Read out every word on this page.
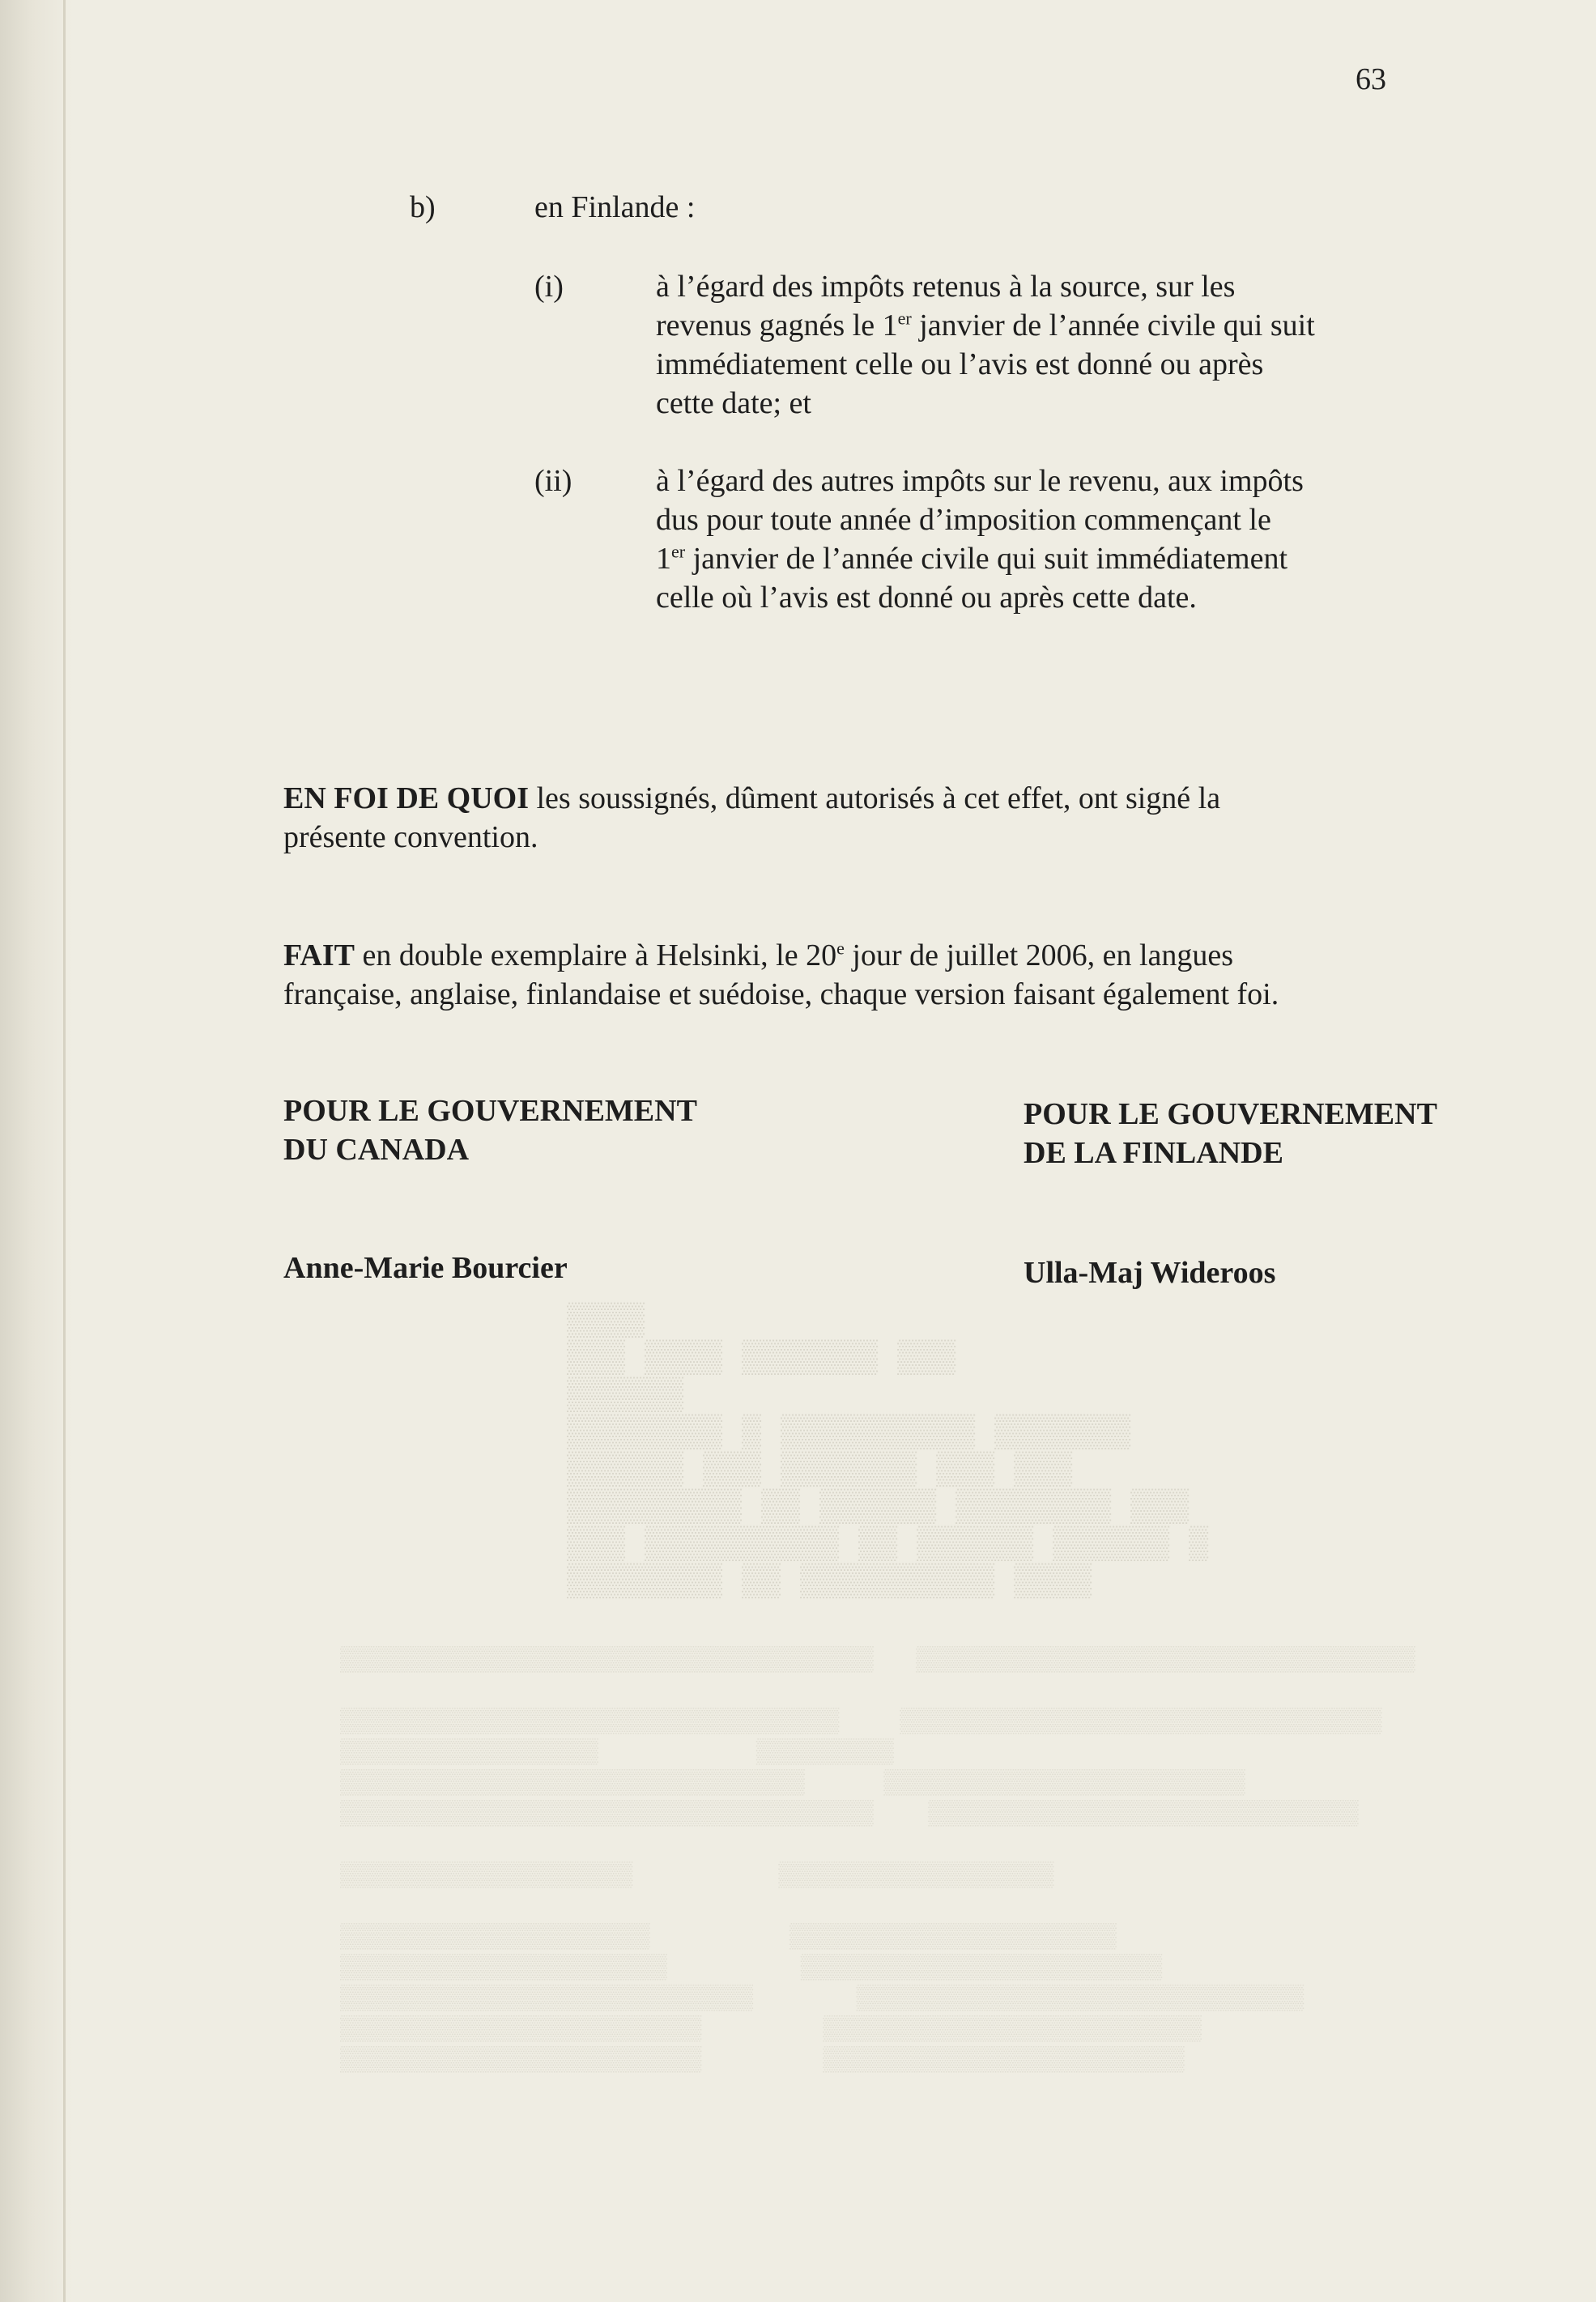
▒▒▒▒
▒▒▒ ▒▒▒▒ ▒▒▒▒▒▒▒ ▒▒▒
▒▒▒▒▒▒
▒▒▒▒▒▒▒▒ ▒ ▒▒▒▒▒▒▒▒▒▒ ▒▒▒▒▒▒▒
▒▒▒▒▒▒ ▒▒▒ ▒▒▒▒▒▒▒ ▒▒▒ ▒▒▒
▒▒▒▒▒▒▒▒▒ ▒▒ ▒▒▒▒▒▒ ▒▒▒▒▒▒▒▒ ▒▒▒
▒▒▒ ▒▒▒▒▒▒▒▒▒▒ ▒▒ ▒▒▒▒▒▒ ▒▒▒▒▒▒ ▒
▒▒▒▒▒▒▒▒ ▒▒ ▒▒▒▒▒▒▒▒▒▒ ▒▒▒▒
▒▒▒▒▒▒▒▒▒▒▒▒▒▒▒▒▒▒▒▒▒▒▒▒▒▒▒▒▒▒▒       ▒▒▒▒▒▒▒▒▒▒▒▒▒▒▒▒▒▒▒▒▒▒▒▒▒▒▒▒▒

▒▒▒▒▒▒▒▒▒▒▒▒▒▒▒▒▒▒▒▒▒▒▒▒▒▒▒▒▒          ▒▒▒▒▒▒▒▒▒▒▒▒▒▒▒▒▒▒▒▒▒▒▒▒▒▒▒▒
▒▒▒▒▒▒▒▒▒▒▒▒▒▒▒                          ▒▒▒▒▒▒▒▒
▒▒▒▒▒▒▒▒▒▒▒▒▒▒▒▒▒▒▒▒▒▒▒▒▒▒▒             ▒▒▒▒▒▒▒▒▒▒▒▒▒▒▒▒▒▒▒▒▒
▒▒▒▒▒▒▒▒▒▒▒▒▒▒▒▒▒▒▒▒▒▒▒▒▒▒▒▒▒▒▒         ▒▒▒▒▒▒▒▒▒▒▒▒▒▒▒▒▒▒▒▒▒▒▒▒▒

▒▒▒▒▒▒▒▒▒▒▒▒▒▒▒▒▒                        ▒▒▒▒▒▒▒▒▒▒▒▒▒▒▒▒

▒▒▒▒▒▒▒▒▒▒▒▒▒▒▒▒▒▒                       ▒▒▒▒▒▒▒▒▒▒▒▒▒▒▒▒▒▒▒
▒▒▒▒▒▒▒▒▒▒▒▒▒▒▒▒▒▒▒                      ▒▒▒▒▒▒▒▒▒▒▒▒▒▒▒▒▒▒▒▒▒
▒▒▒▒▒▒▒▒▒▒▒▒▒▒▒▒▒▒▒▒▒▒▒▒                 ▒▒▒▒▒▒▒▒▒▒▒▒▒▒▒▒▒▒▒▒▒▒▒▒▒▒
▒▒▒▒▒▒▒▒▒▒▒▒▒▒▒▒▒▒▒▒▒                    ▒▒▒▒▒▒▒▒▒▒▒▒▒▒▒▒▒▒▒▒▒▒
▒▒▒▒▒▒▒▒▒▒▒▒▒▒▒▒▒▒▒▒▒                    ▒▒▒▒▒▒▒▒▒▒▒▒▒▒▒▒▒▒▒▒▒
63
b)	en Finlande :
(i)	à l’égard des impôts retenus à la source, sur les
revenus gagnés le 1er janvier de l’année civile qui suit
immédiatement celle ou l’avis est donné ou après
cette date; et
(ii)	à l’égard des autres impôts sur le revenu, aux impôts
dus pour toute année d’imposition commençant le
1er janvier de l’année civile qui suit immédiatement
celle où l’avis est donné ou après cette date.
EN FOI DE QUOI les soussignés, dûment autorisés à cet effet, ont signé la
présente convention.
FAIT en double exemplaire à Helsinki, le 20e jour de juillet 2006, en langues
française, anglaise, finlandaise et suédoise, chaque version faisant également foi.
POUR LE GOUVERNEMENT
DU CANADA
POUR LE GOUVERNEMENT
DE LA FINLANDE
Anne-Marie Bourcier	Ulla-Maj Wideroos
